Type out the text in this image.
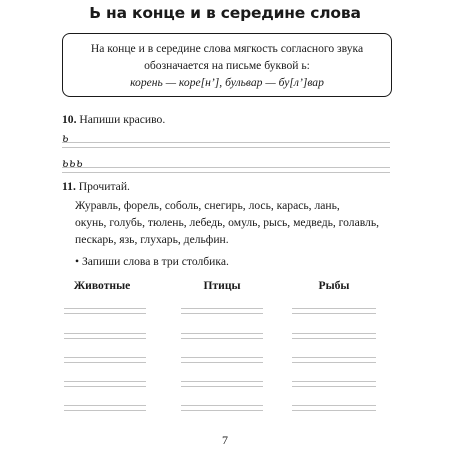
Ь на конце и в середине слова
На конце и в середине слова мягкость согласного звука
обозначается на письме буквой ь:
корень — коре[н’], бульвар — бу[л’]вар
10. Напиши красиво.
ь
ььь
11. Прочитай.
Журавль, форель, соболь, снегирь, лось, карась, лань,
окунь, голубь, тюлень, лебедь, омуль, рысь, медведь, голавль,
пескарь, язь, глухарь, дельфин.
• Запиши слова в три столбика.
Животные	Птицы	Рыбы
7
